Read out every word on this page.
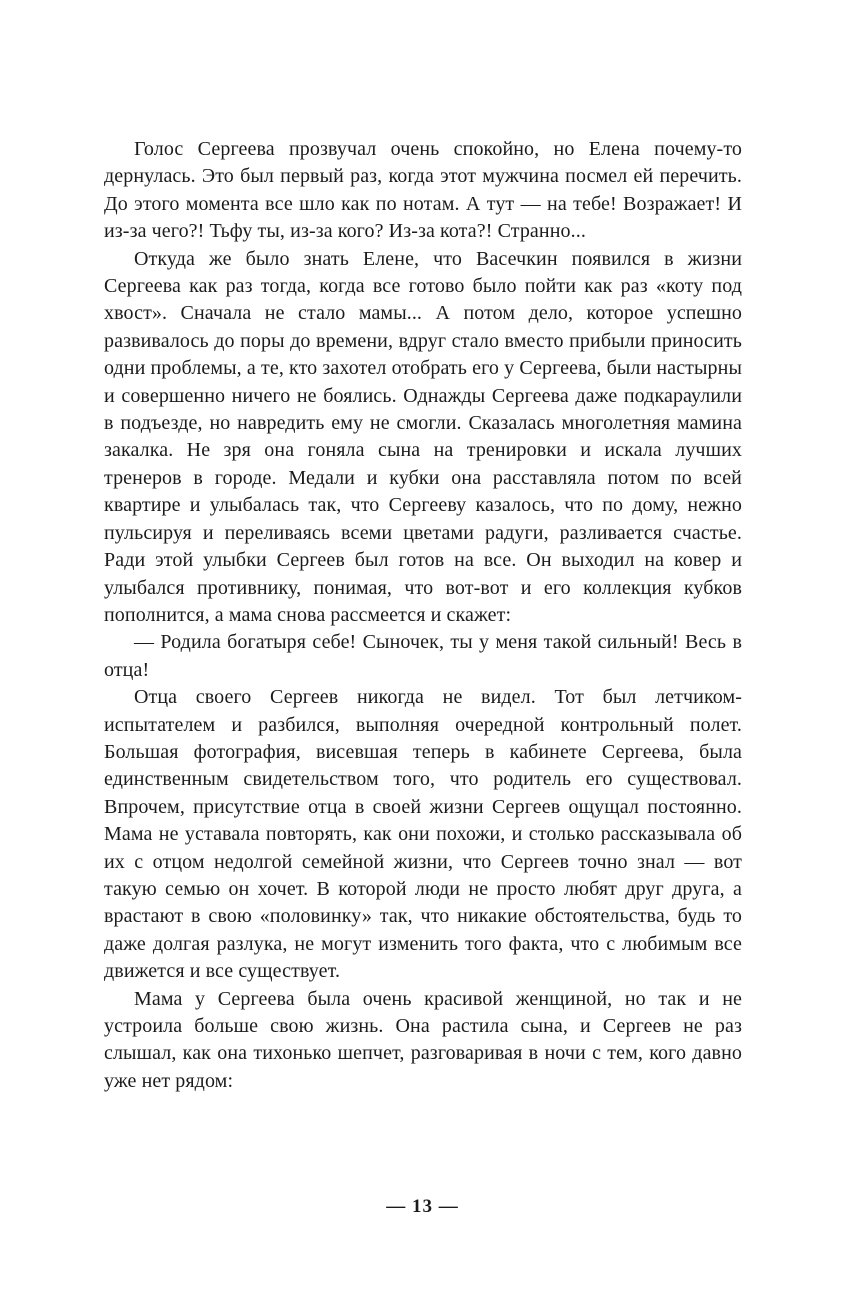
Голос Сергеева прозвучал очень спокойно, но Елена почему-то дернулась. Это был первый раз, когда этот мужчина посмел ей перечить. До этого момента все шло как по нотам. А тут — на тебе! Возражает! И из-за чего?! Тьфу ты, из-за кого? Из-за кота?! Странно...

Откуда же было знать Елене, что Васечкин появился в жизни Сергеева как раз тогда, когда все готово было пойти как раз «коту под хвост». Сначала не стало мамы... А потом дело, которое успешно развивалось до поры до времени, вдруг стало вместо прибыли приносить одни проблемы, а те, кто захотел отобрать его у Сергеева, были настырны и совершенно ничего не боялись. Однажды Сергеева даже подкараулили в подъезде, но навредить ему не смогли. Сказалась многолетняя мамина закалка. Не зря она гоняла сына на тренировки и искала лучших тренеров в городе. Медали и кубки она расставляла потом по всей квартире и улыбалась так, что Сергееву казалось, что по дому, нежно пульсируя и переливаясь всеми цветами радуги, разливается счастье. Ради этой улыбки Сергеев был готов на все. Он выходил на ковер и улыбался противнику, понимая, что вот-вот и его коллекция кубков пополнится, а мама снова рассмеется и скажет:

— Родила богатыря себе! Сыночек, ты у меня такой сильный! Весь в отца!

Отца своего Сергеев никогда не видел. Тот был летчиком-испытателем и разбился, выполняя очередной контрольный полет. Большая фотография, висевшая теперь в кабинете Сергеева, была единственным свидетельством того, что родитель его существовал. Впрочем, присутствие отца в своей жизни Сергеев ощущал постоянно. Мама не уставала повторять, как они похожи, и столько рассказывала об их с отцом недолгой семейной жизни, что Сергеев точно знал — вот такую семью он хочет. В которой люди не просто любят друг друга, а врастают в свою «половинку» так, что никакие обстоятельства, будь то даже долгая разлука, не могут изменить того факта, что с любимым все движется и все существует.

Мама у Сергеева была очень красивой женщиной, но так и не устроила больше свою жизнь. Она растила сына, и Сергеев не раз слышал, как она тихонько шепчет, разговаривая в ночи с тем, кого давно уже нет рядом:

— 13 —
